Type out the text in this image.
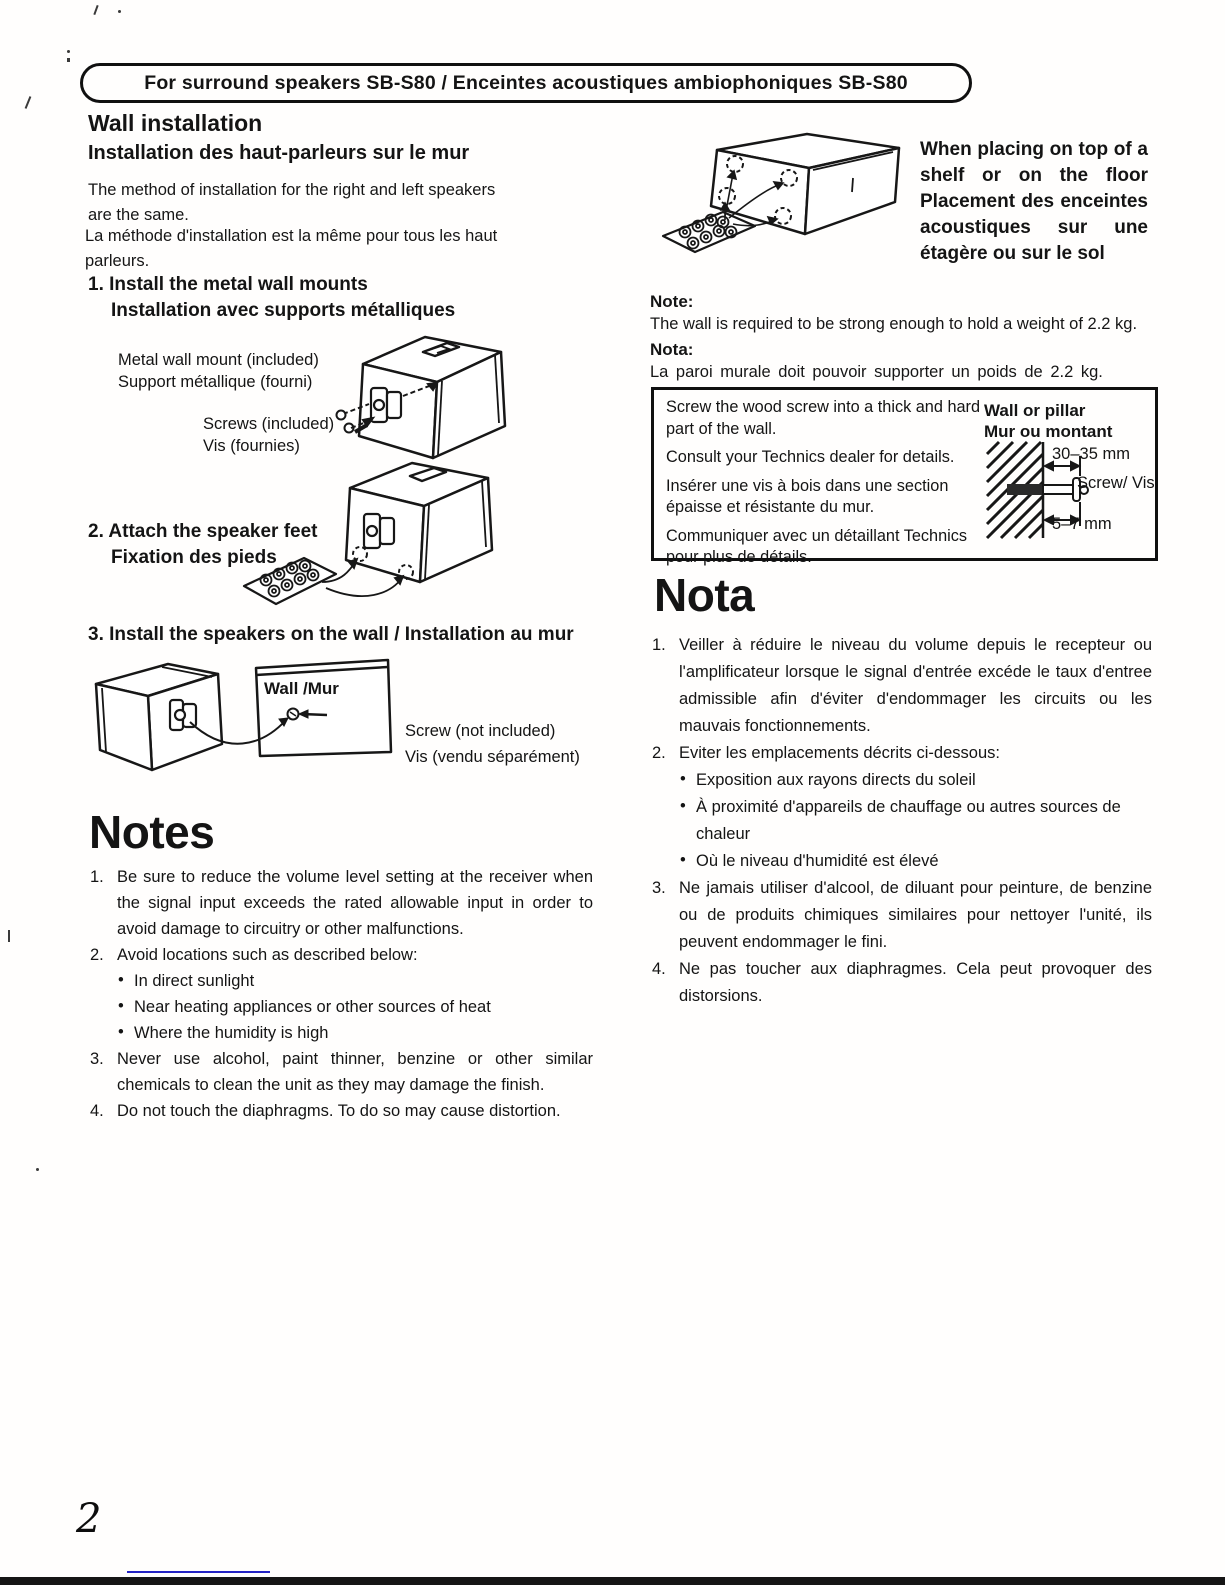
For surround speakers SB-S80 / Enceintes acoustiques ambiophoniques SB-S80
Wall installation
Installation des haut-parleurs sur le mur
The method of installation for the right and left speakers are the same.
La méthode d'installation est la même pour tous les haut parleurs.
1. Install the metal wall mounts
Installation avec supports métalliques
Metal wall mount (included)
Support métallique (fourni)
Screws (included)
Vis (fournies)
2. Attach the speaker feet
Fixation des pieds
3. Install the speakers on the wall / Installation au mur
Wall /Mur
Screw (not included)
Vis (vendu séparément)
Notes
1. Be sure to reduce the volume level setting at the receiver when the signal input exceeds the rated allowable input in order to avoid damage to circuitry or other malfunctions.
2. Avoid locations such as described below:
• In direct sunlight
• Near heating appliances or other sources of heat
• Where the humidity is high
3. Never use alcohol, paint thinner, benzine or other similar chemicals to clean the unit as they may damage the finish.
4. Do not touch the diaphragms. To do so may cause distortion.
When placing on top of a shelf or on the floor Placement des enceintes acoustiques sur une étagère ou sur le sol
Note:
The wall is required to be strong enough to hold a weight of 2.2 kg.
Nota:
La paroi murale doit pouvoir supporter un poids de 2.2 kg.

Screw the wood screw into a thick and hard part of the wall.

Consult your Technics dealer for details.

Insérer une vis à bois dans une section épaisse et résistante du mur.

Communiquer avec un détaillant Technics pour plus de détails.

Wall or pillar
Mur ou montant
30–35 mm
Screw/ Vis
5–7 mm
Nota
1. Veiller à réduire le niveau du volume depuis le recepteur ou l'amplificateur lorsque le signal d'entrée excéde le taux d'entree admissible afin d'éviter d'endommager les circuits ou les mauvais fonctionnements.
2. Eviter les emplacements décrits ci-dessous:
• Exposition aux rayons directs du soleil
• À proximité d'appareils de chauffage ou autres sources de chaleur
• Où le niveau d'humidité est élevé
3. Ne jamais utiliser d'alcool, de diluant pour peinture, de benzine ou de produits chimiques similaires pour nettoyer l'unité, ils peuvent endommager le fini.
4. Ne pas toucher aux diaphragmes. Cela peut provoquer des distorsions.
2
